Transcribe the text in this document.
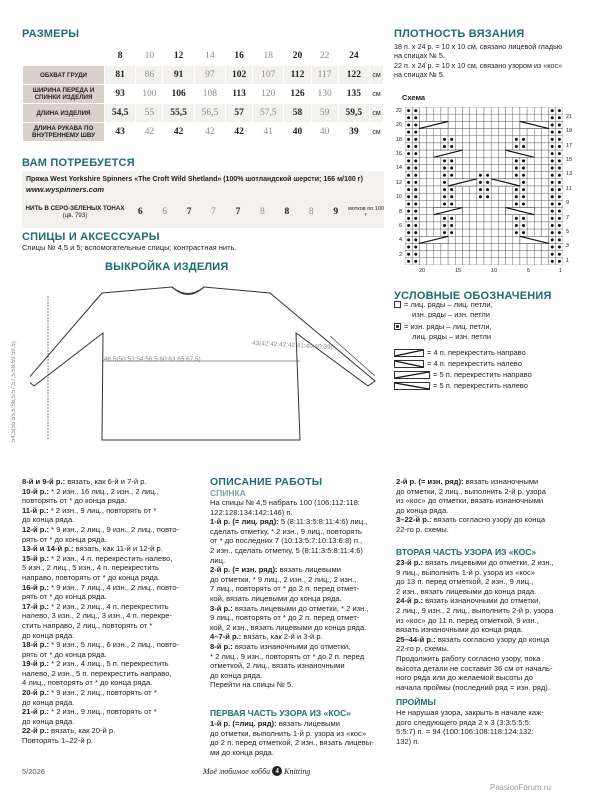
РАЗМЕРЫ
	8	10	12	14	16	18	20	22	24	
ОБХВАТ ГРУДИ	81	86	91	97	102	107	112	117	122	см
ШИРИНА ПЕРЕДА И СПИНКИ ИЗДЕЛИЯ	93	100	106	108	113	120	126	130	135	см
ДЛИНА ИЗДЕЛИЯ	54,5	55	55,5	56,5	57	57,5	58	59	59,5	см
ДЛИНА РУКАВА ПО ВНУТРЕННЕМУ ШВУ	43	42	42	42	42	41	40	40	39	см
ВАМ ПОТРЕБУЕТСЯ
Пряжа West Yorkshire Spinners «The Croft Wild Shetland» (100% шотландской шерсти; 166 м/100 г)
www.wyspinners.com
НИТЬ В СЕРО-ЗЕЛЕНЫХ ТОНАХ (цв. 793)	6	6	7	7	7	8	8	8	9	мотков по 100 г
СПИЦЫ И АКСЕССУАРЫ
Спицы № 4,5 и 5; вспомогательные спицы; контрастная нить.
ВЫКРОЙКА ИЗДЕЛИЯ
54,5(55:55,5:56,5:57:57,5:58:59:59,5)	46,5(50:53:54:56,5:60:63:65:67,5)
43(42:42:42:42:41:40:40:39)
ПЛОТНОСТЬ ВЯЗАНИЯ
18 п. х 24 р. = 10 х 10 см, связано лицевой гладью на спицах № 5.
22 п. х 24 р. = 10 х 10 см, связано узором из «кос» на спицах № 5.
Схема
22
20
18
16
14
12
10
8
6
4
2
21
19
17
15
13
11
9
7
5
3
1
20	15	10	5	1
УСЛОВНЫЕ ОБОЗНАЧЕНИЯ
= лиц. ряды – лиц. петли,
изн. ряды – изн. петли
= изн. ряды – лиц. петли,
лиц. ряды – изн. петли
= 4 п. перекрестить направо
= 4 п. перекрестить налево
= 5 п. перекрестить направо
= 5 п. перекрестить налево
8-й и 9-й р.: вязать, как 6-й и 7-й р.
10-й р.: * 2 изн., 16 лиц., 2 изн., 2 лиц.,
повторять от * до конца ряда.
11-й р.: * 2 изн., 9 лиц., повторять от *
до конца ряда.
12-й р.: * 9 изн., 2 лиц., 9 изн., 2 лиц., повто-
рять от * до конца ряда.
13-й и 14-й р.: вязать, как 11-й и 12-й р.
15-й р.: * 2 изн., 4 п. перекрестить налево,
5 изн., 2 лиц., 5 изн., 4 п. перекрестить
направо, повторять от * до конца ряда.
16-й р.: * 9 изн., 7 лиц., 4 изн., 2 лиц., повто-
рять от * до конца ряда.
17-й р.: * 2 изн., 2 лиц., 4 п. перекрестить
налево, 3 изн., 2 лиц., 3 изн., 4 п. перекре-
стить направо, 2 лиц., повторять от *
до конца ряда.
18-й р.: * 9 изн., 5 лиц., 6 изн., 2 лиц., повто-
рять от * до конца ряда.
19-й р.: * 2 изн., 4 лиц., 5 п. перекрестить
налево, 2 изн., 5 п. перекрестить направо,
4 лиц., повторять от * до конца ряда.
20-й р.: * 9 изн., 2 лиц., повторять от *
до конца ряда.
21-й р.: * 2 изн., 9 лиц., повторять от *
до конца ряда.
22-й р.: вязать, как 20-й р.
Повторять 1–22-й р.
ОПИСАНИЕ РАБОТЫ
СПИНКА
На спицы № 4,5 набрать 100 (106:112:118:
122:128:134:142:146) п.
1-й р. (= лиц. ряд): 5 (8:11:3:5:8:11:4:6) лиц.,
сделать отметку, * 2 изн., 9 лиц., повторять
от * до последних 7 (10:13:5:7:10:13:6:8) п.,
2 изн., сделать отметку, 5 (8:11:3:5:8:11:4:6)
лиц.
2-й р. (= изн. ряд): вязать лицевыми
до отметки, * 9 лиц., 2 изн., 2 лиц., 2 изн.,
7 лиц., повторять от * до 2 п. перед отмет-
кой, вязать лицевыми до конца ряда.
3-й р.: вязать лицевыми до отметки, * 2 изн.,
9 лиц., повторять от * до 2 п. перед отмет-
кой, 2 изн., вязать лицевыми до конца ряда.
4–7-й р.: вязать, как 2-й и 3-й р.
8-й р.: вязать изнаночными до отметки,
* 2 лиц., 9 изн., повторять от * до 2 п. перед
отметкой, 2 лиц., вязать изнаночными
до конца ряда.
Перейти на спицы № 5.
ПЕРВАЯ ЧАСТЬ УЗОРА ИЗ «КОС»
1-й р. (=лиц. ряд): вязать лицевыми
до отметки, выполнить 1-й р. узора из «кос»
до 2 п. перед отметкой, 2 изн., вязать лицевы-
ми до конца ряда.
2-й р. (= изн. ряд): вязать изнаночными
до отметки, 2 лиц., выполнить 2-й р. узора
из «кос» до отметки, вязать изнаночными
до конца ряда.
3–22-й р.: вязать согласно узору до конца
22-го р. схемы.
ВТОРАЯ ЧАСТЬ УЗОРА ИЗ «КОС»
23-й р.: вязать лицевыми до отметки, 2 изн.,
9 лиц., выполнить 1-й р. узора из «кос»
до 13 п. перед отметкой, 2 изн., 9 лиц.,
2 изн., вязать лицевыми до конца ряда.
24-й р.: вязать изнаночными до отметки,
2 лиц., 9 изн., 2 лиц., выполнить 2-й р. узора
из «кос» до 11 п. перед отметкой, 9 изн.,
вязать изнаночными до конца ряда.
25–44-й р.: вязать согласно узору до конца
22-го р. схемы.
Продолжить работу согласно узору, пока
высота детали не составит 36 см от началь-
ного ряда или до желаемой высоты до
начала проймы (последний ряд = изн. ряд).
ПРОЙМЫ
Не нарушая узора, закрыть в начале каж-
дого следующего ряда 2 х 3 (3:3:5:5:5:
5:5:7) п. = 94 (100:106:108:118:124:132:
132) п.
5/2026	Моё любимое хобби 4 Knitting
PassionForum.ru
